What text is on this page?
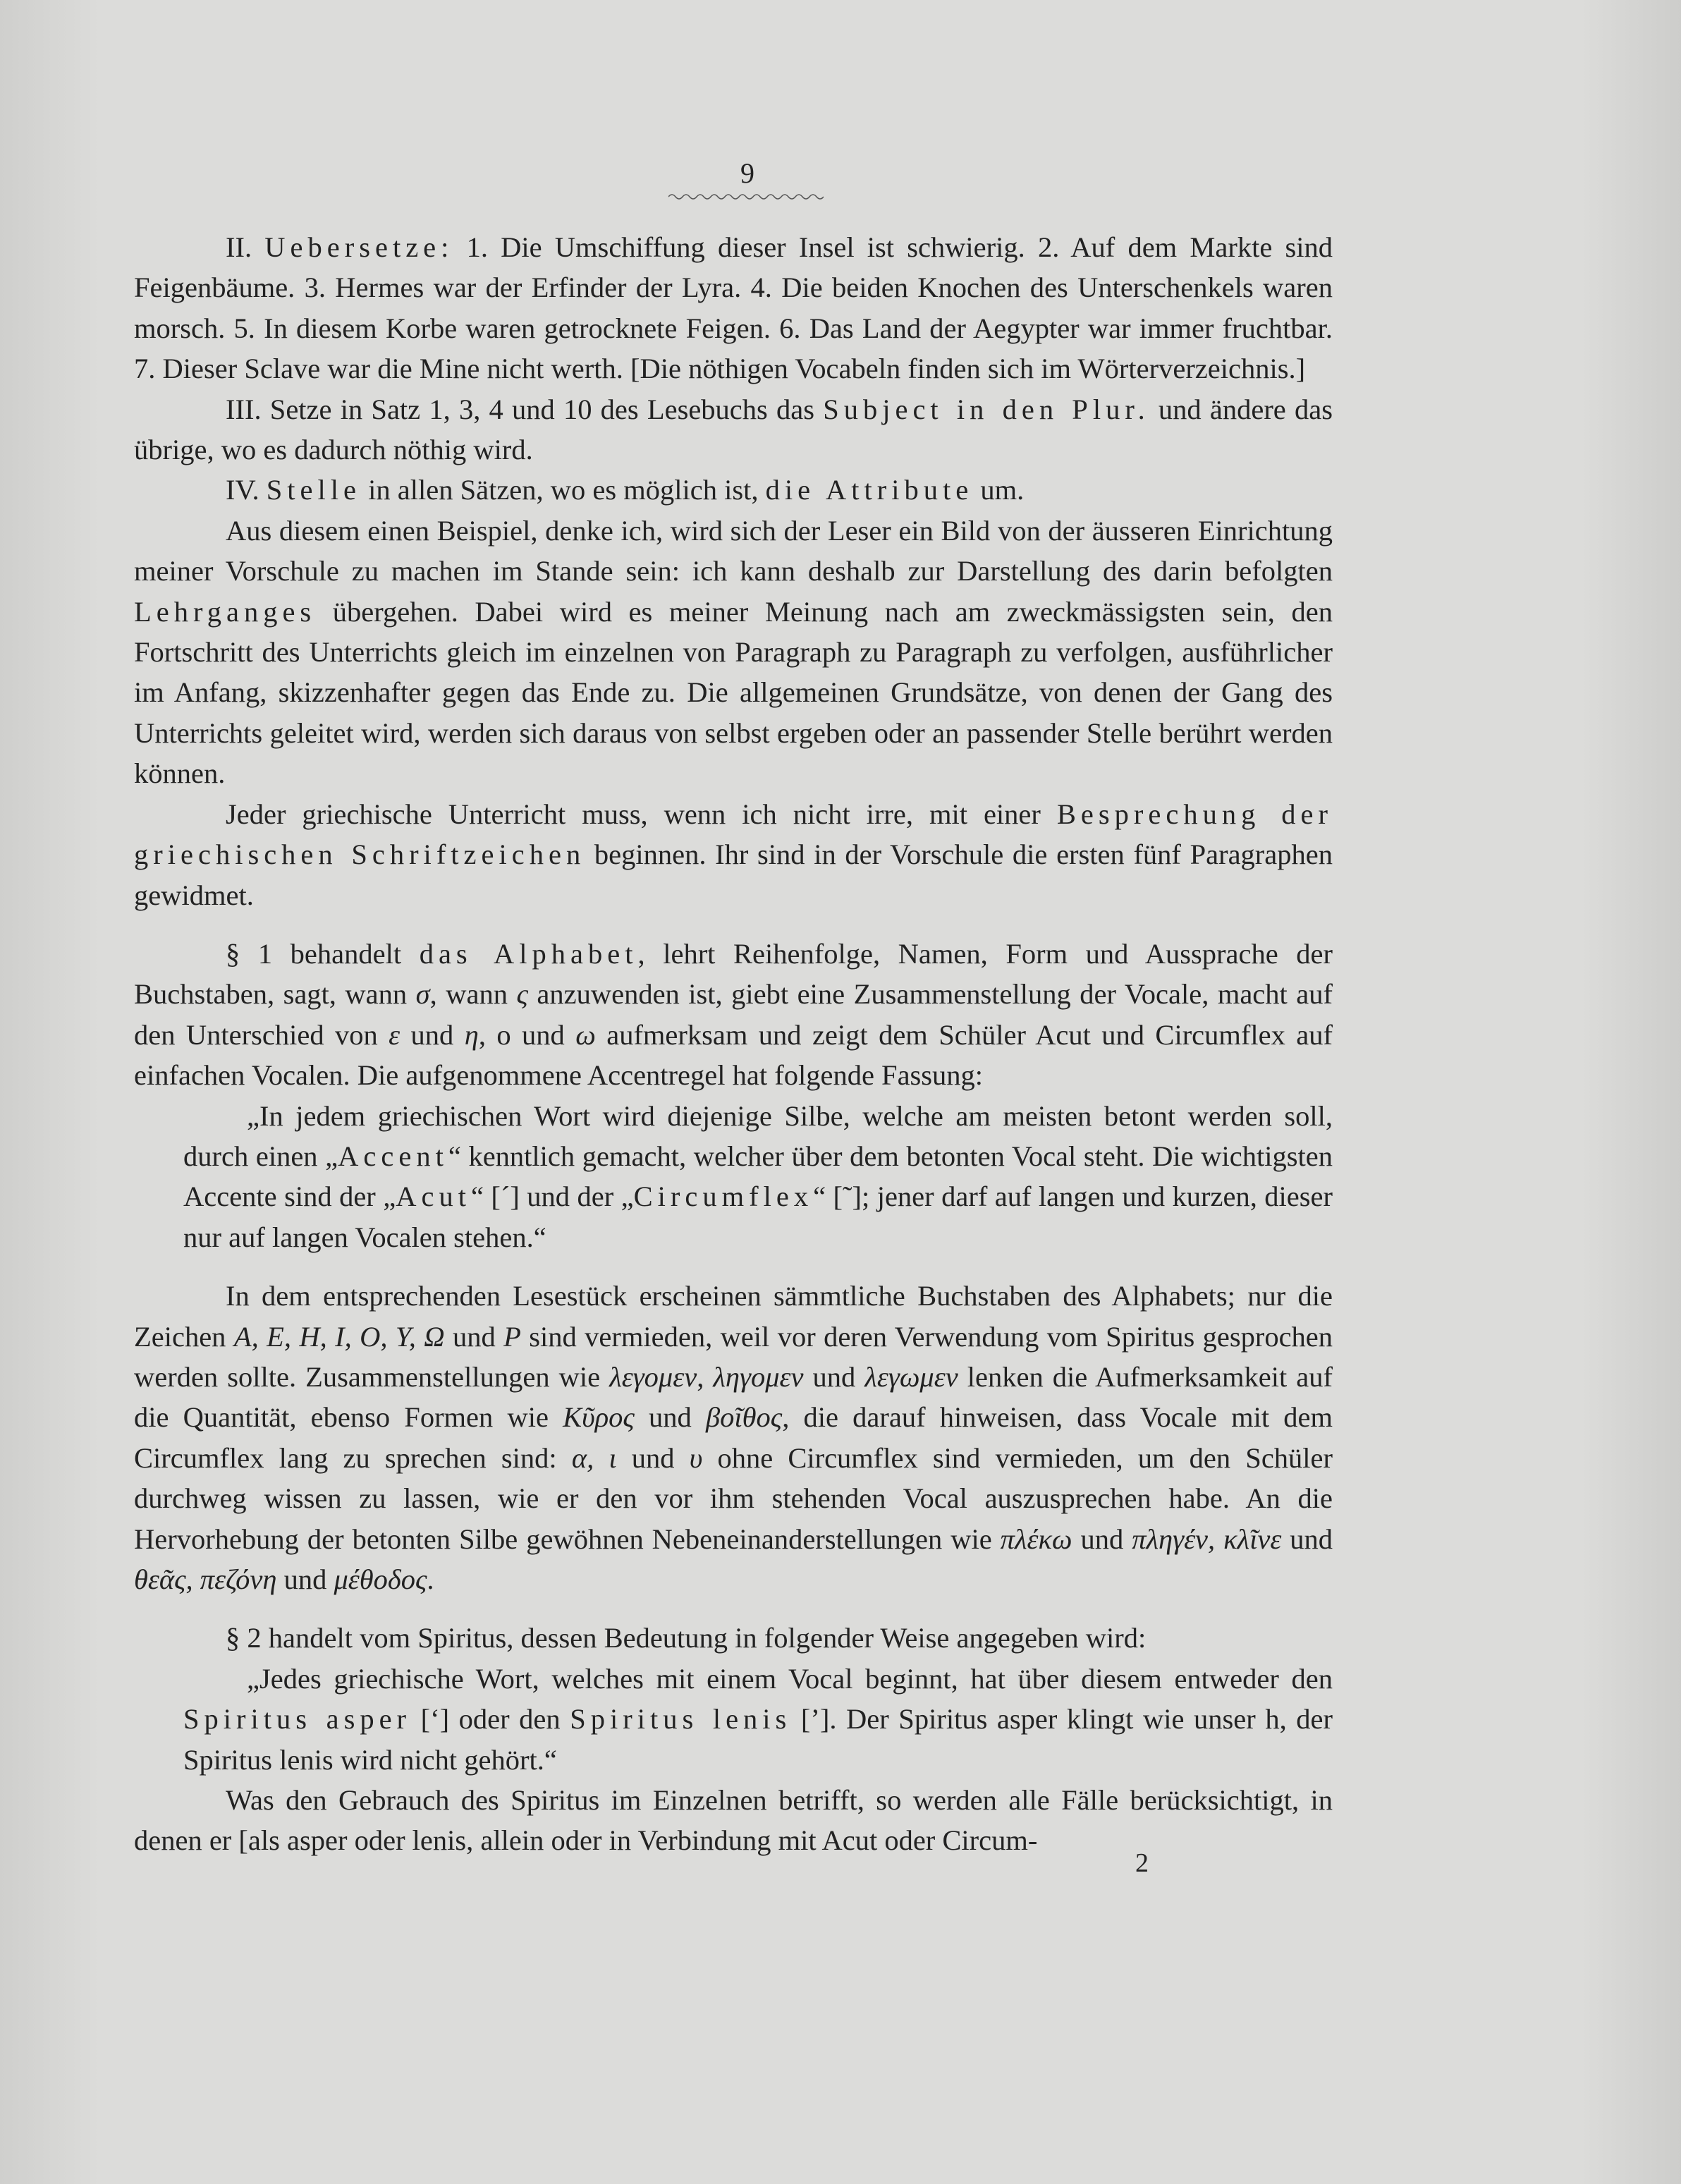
9

II. Uebersetze: 1. Die Umschiffung dieser Insel ist schwierig. 2. Auf dem Markte sind Feigenbäume. 3. Hermes war der Erfinder der Lyra. 4. Die beiden Knochen des Unterschenkels waren morsch. 5. In diesem Korbe waren getrocknete Feigen. 6. Das Land der Aegypter war immer fruchtbar. 7. Dieser Sclave war die Mine nicht werth. [Die nöthigen Vocabeln finden sich im Wörterverzeichnis.]

III. Setze in Satz 1, 3, 4 und 10 des Lesebuchs das Subject in den Plur. und ändere das übrige, wo es dadurch nöthig wird.

IV. Stelle in allen Sätzen, wo es möglich ist, die Attribute um.

Aus diesem einen Beispiel, denke ich, wird sich der Leser ein Bild von der äusseren Einrichtung meiner Vorschule zu machen im Stande sein: ich kann deshalb zur Darstellung des darin befolgten Lehrganges übergehen. Dabei wird es meiner Meinung nach am zweckmässigsten sein, den Fortschritt des Unterrichts gleich im einzelnen von Paragraph zu Paragraph zu verfolgen, ausführlicher im Anfang, skizzenhafter gegen das Ende zu. Die allgemeinen Grundsätze, von denen der Gang des Unterrichts geleitet wird, werden sich daraus von selbst ergeben oder an passender Stelle berührt werden können.

Jeder griechische Unterricht muss, wenn ich nicht irre, mit einer Besprechung der griechischen Schriftzeichen beginnen. Ihr sind in der Vorschule die ersten fünf Paragraphen gewidmet.

§ 1 behandelt das Alphabet, lehrt Reihenfolge, Namen, Form und Aussprache der Buchstaben, sagt, wann σ, wann ς anzuwenden ist, giebt eine Zusammenstellung der Vocale, macht auf den Unterschied von ε und η, ο und ω aufmerksam und zeigt dem Schüler Acut und Circumflex auf einfachen Vocalen. Die aufgenommene Accentregel hat folgende Fassung:

„In jedem griechischen Wort wird diejenige Silbe, welche am meisten betont werden soll, durch einen „Accent“ kenntlich gemacht, welcher über dem betonten Vocal steht. Die wichtigsten Accente sind der „Acut“ [´] und der „Circumflex“ [˜]; jener darf auf langen und kurzen, dieser nur auf langen Vocalen stehen.“

In dem entsprechenden Lesestück erscheinen sämmtliche Buchstaben des Alphabets; nur die Zeichen Α, Ε, Η, Ι, Ο, Υ, Ω und Ρ sind vermieden, weil vor deren Verwendung vom Spiritus gesprochen werden sollte. Zusammenstellungen wie λεγομεν, ληγομεν und λεγωμεν lenken die Aufmerksamkeit auf die Quantität, ebenso Formen wie Κῦρος und βοῖθος, die darauf hinweisen, dass Vocale mit dem Circumflex lang zu sprechen sind: α, ι und υ ohne Circumflex sind vermieden, um den Schüler durchweg wissen zu lassen, wie er den vor ihm stehenden Vocal auszusprechen habe. An die Hervorhebung der betonten Silbe gewöhnen Nebeneinanderstellungen wie πλέκω und πληγέν, κλῖνε und θεᾶς, πεζόνη und μέθοδος.

§ 2 handelt vom Spiritus, dessen Bedeutung in folgender Weise angegeben wird:

„Jedes griechische Wort, welches mit einem Vocal beginnt, hat über diesem entweder den Spiritus asper [‘] oder den Spiritus lenis [’]. Der Spiritus asper klingt wie unser h, der Spiritus lenis wird nicht gehört.“

Was den Gebrauch des Spiritus im Einzelnen betrifft, so werden alle Fälle berücksichtigt, in denen er [als asper oder lenis, allein oder in Verbindung mit Acut oder Circum-

2
